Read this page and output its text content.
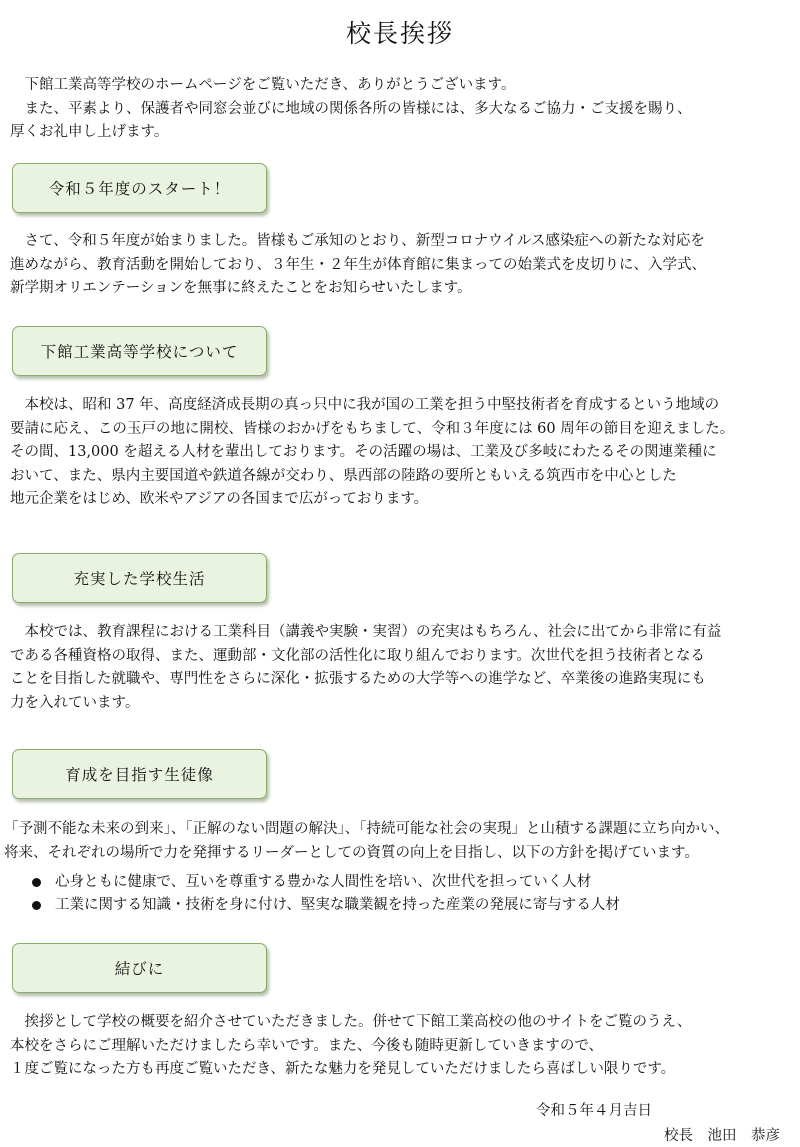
校長挨拶
　下館工業高等学校のホームページをご覧いただき、ありがとうございます。
　また、平素より、保護者や同窓会並びに地域の関係各所の皆様には、多大なるご協力・ご支援を賜り、
厚くお礼申し上げます。
令和５年度のスタート！
　さて、令和５年度が始まりました。皆様もご承知のとおり、新型コロナウイルス感染症への新たな対応を
進めながら、教育活動を開始しており、３年生・２年生が体育館に集まっての始業式を皮切りに、入学式、
新学期オリエンテーションを無事に終えたことをお知らせいたします。
下館工業高等学校について
　本校は、昭和 37 年、高度経済成長期の真っ只中に我が国の工業を担う中堅技術者を育成するという地域の
要請に応え、この玉戸の地に開校、皆様のおかげをもちまして、令和３年度には 60 周年の節目を迎えました。
その間、13,000 を超える人材を輩出しております。その活躍の場は、工業及び多岐にわたるその関連業種に
おいて、また、県内主要国道や鉄道各線が交わり、県西部の陸路の要所ともいえる筑西市を中心とした
地元企業をはじめ、欧米やアジアの各国まで広がっております。
充実した学校生活
　本校では、教育課程における工業科目（講義や実験・実習）の充実はもちろん、社会に出てから非常に有益
である各種資格の取得、また、運動部・文化部の活性化に取り組んでおります。次世代を担う技術者となる
ことを目指した就職や、専門性をさらに深化・拡張するための大学等への進学など、卒業後の進路実現にも
力を入れています。
育成を目指す生徒像
「予測不能な未来の到来」、「正解のない問題の解決」、「持続可能な社会の実現」と山積する課題に立ち向かい、
将来、それぞれの場所で力を発揮するリーダーとしての資質の向上を目指し、以下の方針を掲げています。
心身ともに健康で、互いを尊重する豊かな人間性を培い、次世代を担っていく人材
工業に関する知識・技術を身に付け、堅実な職業観を持った産業の発展に寄与する人材
結びに
　挨拶として学校の概要を紹介させていただきました。併せて下館工業高校の他のサイトをご覧のうえ、
本校をさらにご理解いただけましたら幸いです。また、今後も随時更新していきますので、
１度ご覧になった方も再度ご覧いただき、新たな魅力を発見していただけましたら喜ばしい限りです。
令和５年４月吉日
校長　池田　恭彦
